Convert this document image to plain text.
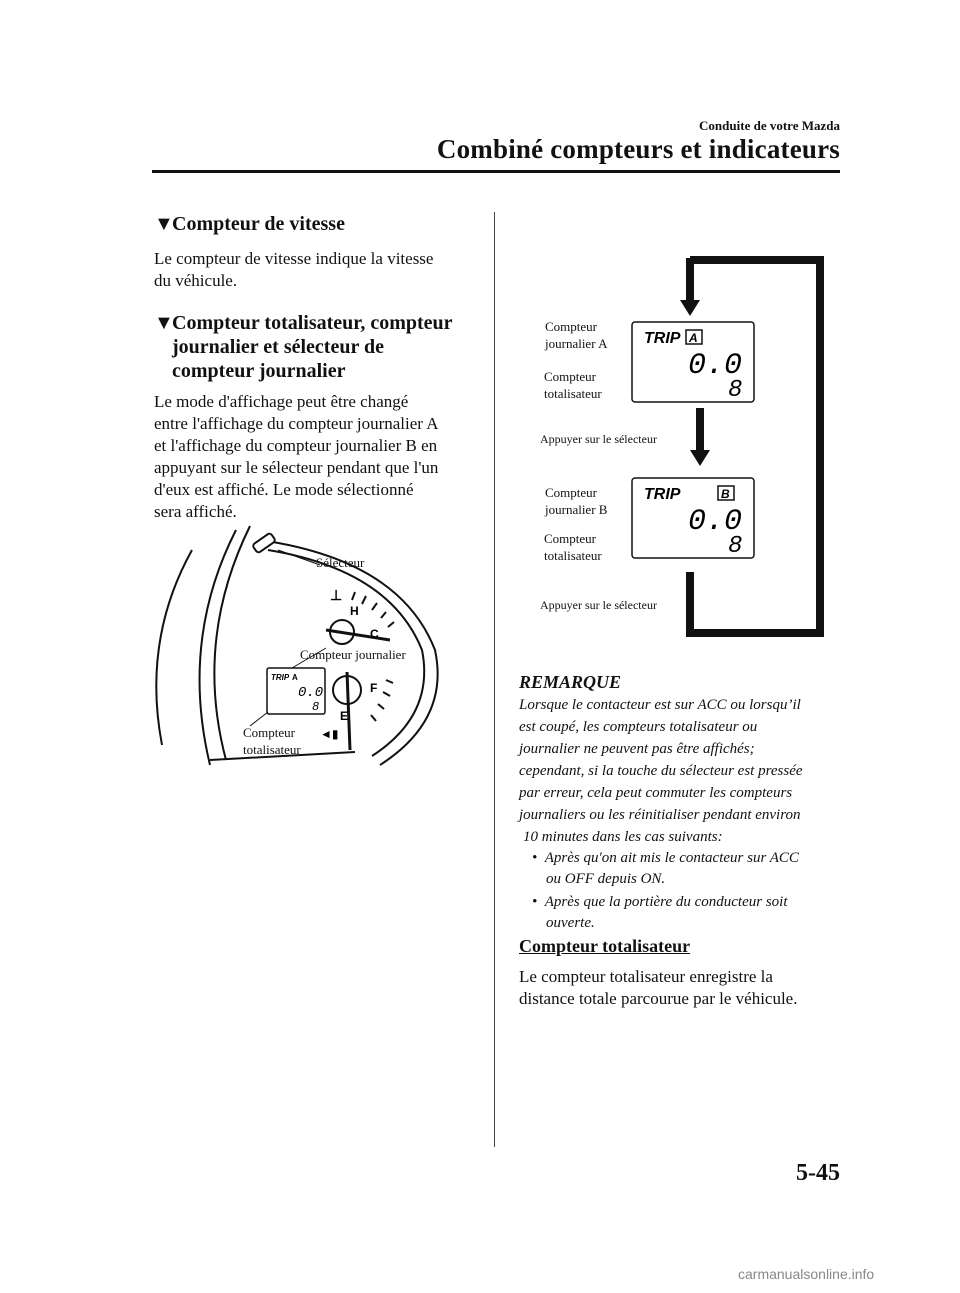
Conduite de votre Mazda
Combiné compteurs et indicateurs
▼Compteur de vitesse
Le compteur de vitesse indique la vitesse
du véhicule.
▼Compteur totalisateur, compteur
journalier et sélecteur de
compteur journalier
Le mode d'affichage peut être changé
entre l'affichage du compteur journalier A
et l'affichage du compteur journalier B en
appuyant sur le sélecteur pendant que l'un
d'eux est affiché. Le mode sélectionné
sera affiché.
⊥
H
C
F
E
◄▮
TRIP A
0.0
8
Sélecteur
Compteur journalier
Compteur
totalisateur
TRIP A
0.0
8
TRIP	B
0.0
8
Compteur
journalier A
Compteur
totalisateur
Appuyer sur le sélecteur
Compteur
journalier B
Compteur
totalisateur
Appuyer sur le sélecteur
REMARQUE
Lorsque le contacteur est sur ACC ou lorsqu’il
est coupé, les compteurs totalisateur ou
journalier ne peuvent pas être affichés;
cependant, si la touche du sélecteur est pressée
par erreur, cela peut commuter les compteurs
journaliers ou les réinitialiser pendant environ
10 minutes dans les cas suivants:
• Après qu'on ait mis le contacteur sur ACC
ou OFF depuis ON.
• Après que la portière du conducteur soit
ouverte.
Compteur totalisateur
Le compteur totalisateur enregistre la
distance totale parcourue par le véhicule.
5-45
carmanualsonline.info
